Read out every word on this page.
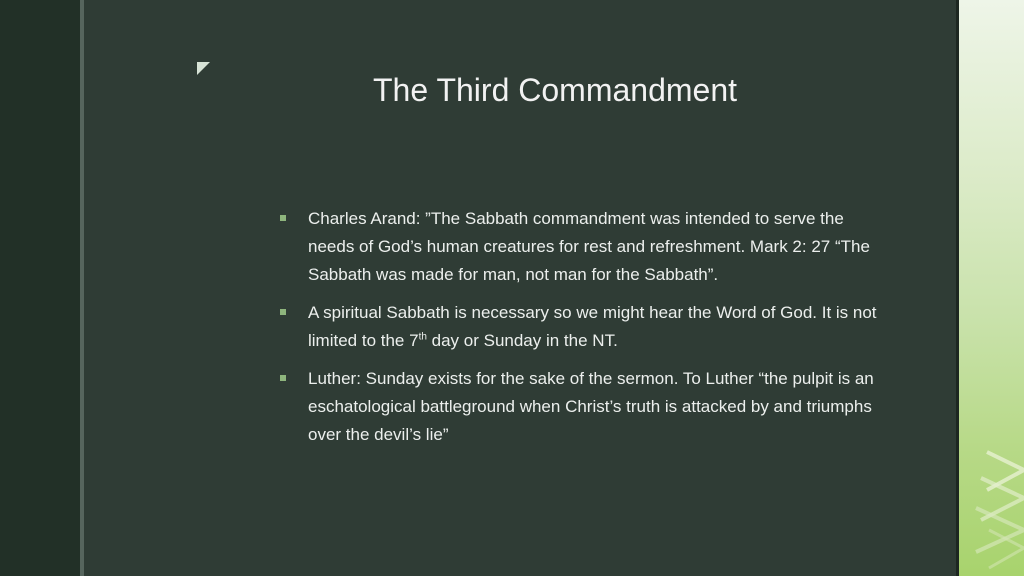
The Third Commandment
Charles Arand: ”The Sabbath commandment was intended to serve the needs of God’s human creatures for rest and refreshment. Mark 2: 27 “The Sabbath was made for man, not man for the Sabbath”.
A spiritual Sabbath is necessary so we might hear the Word of God. It is not limited to the 7th day or Sunday in the NT.
Luther: Sunday exists for the sake of the sermon. To Luther “the pulpit is an eschatological battleground when Christ’s truth is attacked by and triumphs over the devil’s lie”
